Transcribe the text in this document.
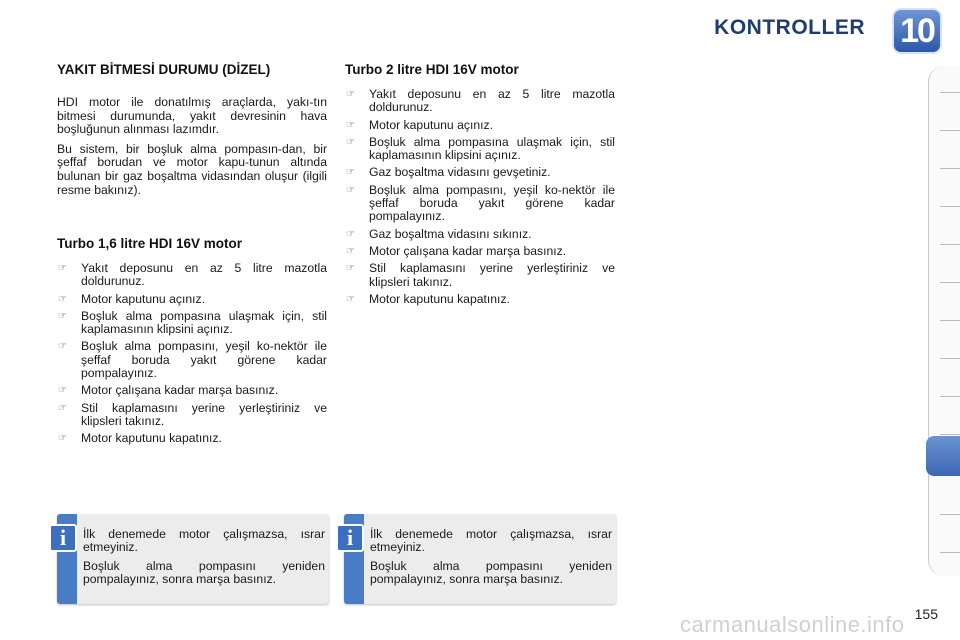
KONTROLLER 10
YAKIT BİTMESİ DURUMU (DİZEL)

HDI motor ile donatılmış araçlarda, yakı-tın bitmesi durumunda, yakıt devresinin hava boşluğunun alınması lazımdır.

Bu sistem, bir boşluk alma pompasın-dan, bir şeffaf borudan ve motor kapu-tunun altında bulunan bir gaz boşaltma vidasından oluşur (ilgili resme bakınız).

Turbo 1,6 litre HDI 16V motor
☞ Yakıt deposunu en az 5 litre mazotla doldurunuz.
☞ Motor kaputunu açınız.
☞ Boşluk alma pompasına ulaşmak için, stil kaplamasının klipsini açınız.
☞ Boşluk alma pompasını, yeşil ko-nektör ile şeffaf boruda yakıt görene kadar pompalayınız.
☞ Motor çalışana kadar marşa basınız.
☞ Stil kaplamasını yerine yerleştiriniz ve klipsleri takınız.
☞ Motor kaputunu kapatınız.
Turbo 2 litre HDI 16V motor
☞ Yakıt deposunu en az 5 litre mazotla doldurunuz.
☞ Motor kaputunu açınız.
☞ Boşluk alma pompasına ulaşmak için, stil kaplamasının klipsini açınız.
☞ Gaz boşaltma vidasını gevşetiniz.
☞ Boşluk alma pompasını, yeşil ko-nektör ile şeffaf boruda yakıt görene kadar pompalayınız.
☞ Gaz boşaltma vidasını sıkınız.
☞ Motor çalışana kadar marşa basınız.
☞ Stil kaplamasını yerine yerleştiriniz ve klipsleri takınız.
☞ Motor kaputunu kapatınız.
i	İlk denemede motor çalışmazsa, ısrar etmeyiniz.

Boşluk alma pompasını yeniden pompalayınız, sonra marşa basınız.

i	İlk denemede motor çalışmazsa, ısrar etmeyiniz.

Boşluk alma pompasını yeniden pompalayınız, sonra marşa basınız.

155
carmanualsonline.info
